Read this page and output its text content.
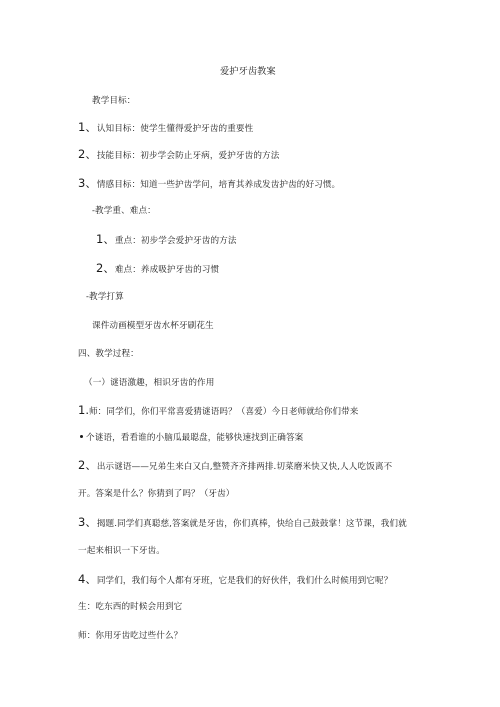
爱护牙齿教案
教学目标：
1、认知目标：使学生懂得爱护牙齿的重要性
2、技能目标：初步学会防止牙病，爱护牙齿的方法
3、情感目标：知道一些护齿学问，培育其养成发齿护齿的好习惯。
-教学重、难点：
1、重点：初步学会爱护牙齿的方法
2、难点：养成吸护牙齿的习惯
-教学打算
课件动画模型牙齿水杯牙刷花生
四、教学过程：
（一）谜语激趣，相识牙齿的作用
1.师：同学们，你们平常喜爱猜谜语吗？（喜爱）今日老师就给你们带来
个谜语，看看谁的小脑瓜最聪盘，能够快速找到正确答案
2、出示谜语——兄弟生来白又白,整赞齐齐排两排.切菜磨米快又快,人人吃饭离不
开。答案是什么？你猜到了吗？（牙齿）
3、揭题.同学们真聪慈,答案就是牙齿，你们真棒，快给自己鼓鼓掌！这节课，我们就
一起来相识一下牙齿。
4、同学们，我们每个人都有牙班，它是我们的好伙伴，我们什么时候用到它呢？
生：吃东西的时候会用到它
师：你用牙齿吃过些什么？
